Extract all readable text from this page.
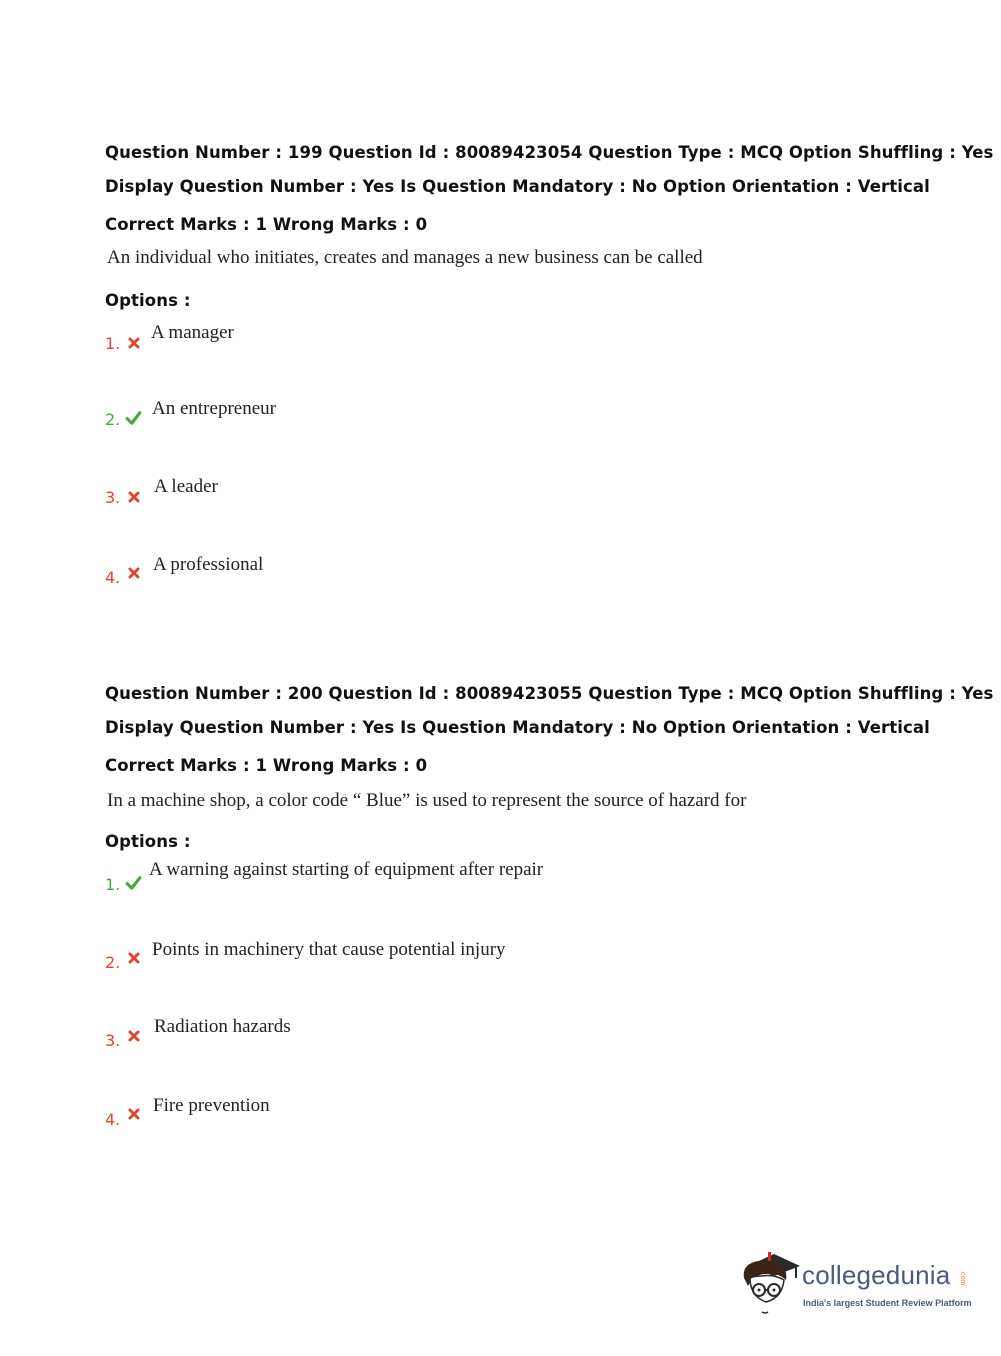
Question Number : 199 Question Id : 80089423054 Question Type : MCQ Option Shuffling : Yes
Display Question Number : Yes Is Question Mandatory : No Option Orientation : Vertical
Correct Marks : 1 Wrong Marks : 0
An individual who initiates, creates and manages a new business can be called
Options :
1.
A manager
2.
An entrepreneur
3.
A leader
4.
A professional
Question Number : 200 Question Id : 80089423055 Question Type : MCQ Option Shuffling : Yes
Display Question Number : Yes Is Question Mandatory : No Option Orientation : Vertical
Correct Marks : 1 Wrong Marks : 0
In a machine shop, a color code “ Blue” is used to represent the source of hazard for
Options :
1.
A warning against starting of equipment after repair
2.
Points in machinery that cause potential injury
3.
Radiation hazards
4.
Fire prevention
collegedunia .com
India's largest Student Review Platform
